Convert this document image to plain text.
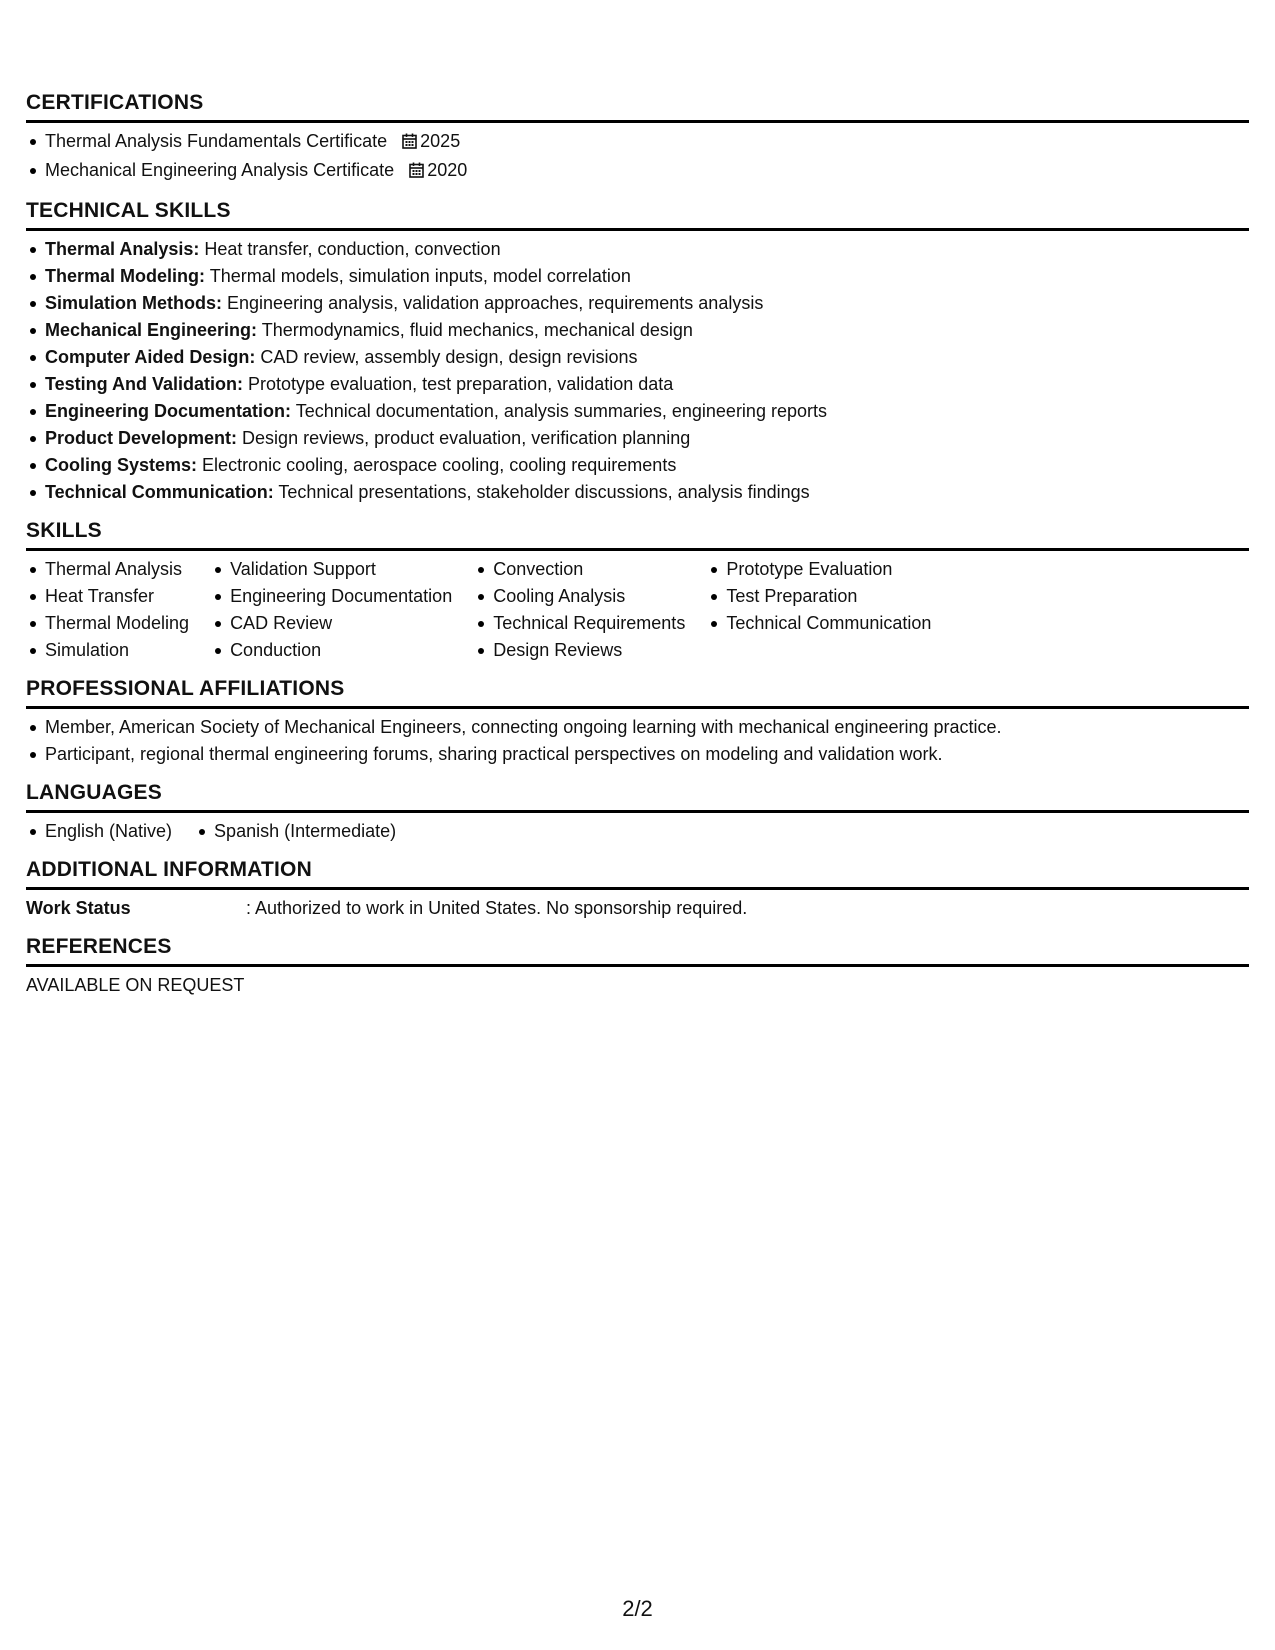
CERTIFICATIONS
Thermal Analysis Fundamentals Certificate 2025
Mechanical Engineering Analysis Certificate 2020
TECHNICAL SKILLS
Thermal Analysis: Heat transfer, conduction, convection
Thermal Modeling: Thermal models, simulation inputs, model correlation
Simulation Methods: Engineering analysis, validation approaches, requirements analysis
Mechanical Engineering: Thermodynamics, fluid mechanics, mechanical design
Computer Aided Design: CAD review, assembly design, design revisions
Testing And Validation: Prototype evaluation, test preparation, validation data
Engineering Documentation: Technical documentation, analysis summaries, engineering reports
Product Development: Design reviews, product evaluation, verification planning
Cooling Systems: Electronic cooling, aerospace cooling, cooling requirements
Technical Communication: Technical presentations, stakeholder discussions, analysis findings
SKILLS
Thermal Analysis
Heat Transfer
Thermal Modeling
Simulation
Validation Support
Engineering Documentation
CAD Review
Conduction
Convection
Cooling Analysis
Technical Requirements
Design Reviews
Prototype Evaluation
Test Preparation
Technical Communication
PROFESSIONAL AFFILIATIONS
Member, American Society of Mechanical Engineers, connecting ongoing learning with mechanical engineering practice.
Participant, regional thermal engineering forums, sharing practical perspectives on modeling and validation work.
LANGUAGES
English (Native) Spanish (Intermediate)
ADDITIONAL INFORMATION
Work Status	: Authorized to work in United States. No sponsorship required.
REFERENCES
AVAILABLE ON REQUEST
2/2
